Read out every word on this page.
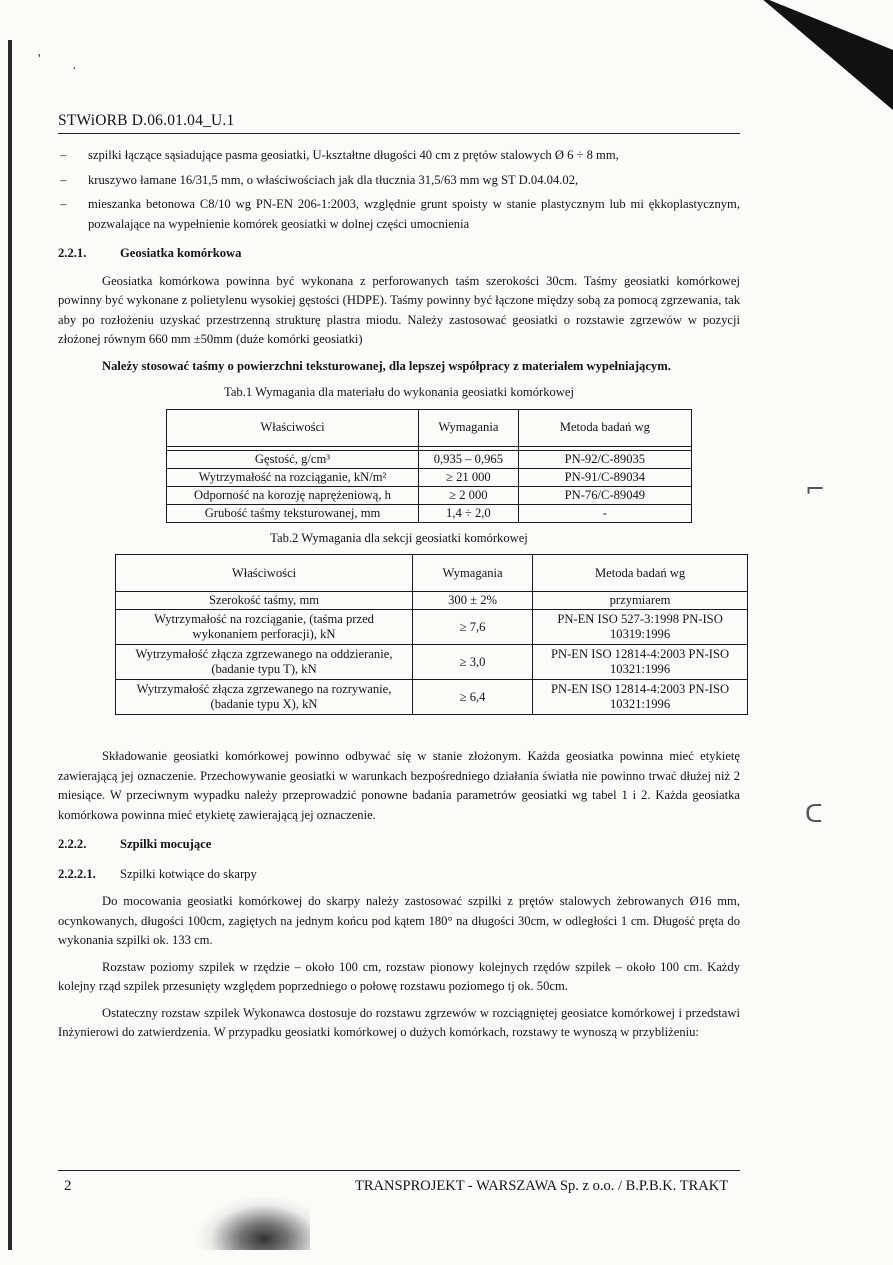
'
·
⌐
ᑕ
STWiORB D.06.01.04_U.1
– szpilki łączące sąsiadujące pasma geosiatki, U-kształtne długości 40 cm z prętów stalowych Ø 6 ÷ 8 mm,
– kruszywo łamane 16/31,5 mm, o właściwościach jak dla tłucznia 31,5/63 mm wg ST D.04.04.02,
– mieszanka betonowa C8/10 wg PN-EN 206-1:2003, względnie grunt spoisty w stanie plastycznym lub mi ękkoplastycznym, pozwalające na wypełnienie komórek geosiatki w dolnej części umocnienia
2.2.1.	Geosiatka komórkowa

Geosiatka komórkowa powinna być wykonana z perforowanych taśm szerokości 30cm. Taśmy geosiatki komórkowej powinny być wykonane z polietylenu wysokiej gęstości (HDPE). Taśmy powinny być łączone między sobą za pomocą zgrzewania, tak aby po rozłożeniu uzyskać przestrzenną strukturę plastra miodu. Należy zastosować geosiatki o rozstawie zgrzewów w pozycji złożonej równym 660 mm ±50mm (duże komórki geosiatki)

Należy stosować taśmy o powierzchni teksturowanej, dla lepszej współpracy z materiałem wypełniającym.

Tab.1 Wymagania dla materiału do wykonania geosiatki komórkowej
Właściwości	Wymagania	Metoda badań wg

Gęstość, g/cm³	0,935 – 0,965	PN-92/C-89035
Wytrzymałość na rozciąganie, kN/m²	≥ 21 000	PN-91/C-89034
Odporność na korozję naprężeniową, h	≥ 2 000	PN-76/C-89049
Grubość taśmy teksturowanej, mm	1,4 ÷ 2,0	-
Tab.2 Wymagania dla sekcji geosiatki komórkowej
Właściwości	Wymagania	Metoda badań wg
Szerokość taśmy, mm	300 ± 2%	przymiarem
Wytrzymałość na rozciąganie, (taśma przed wykonaniem perforacji), kN	≥ 7,6	PN-EN ISO 527-3:1998 PN-ISO 10319:1996
Wytrzymałość złącza zgrzewanego na oddzieranie, (badanie typu T), kN	≥ 3,0	PN-EN ISO 12814-4:2003 PN-ISO 10321:1996
Wytrzymałość złącza zgrzewanego na rozrywanie, (badanie typu X), kN	≥ 6,4	PN-EN ISO 12814-4:2003 PN-ISO 10321:1996

Składowanie geosiatki komórkowej powinno odbywać się w stanie złożonym. Każda geosiatka powinna mieć etykietę zawierającą jej oznaczenie. Przechowywanie geosiatki w warunkach bezpośredniego działania światła nie powinno trwać dłużej niż 2 miesiące. W przeciwnym wypadku należy przeprowadzić ponowne badania parametrów geosiatki wg tabel 1 i 2. Każda geosiatka komórkowa powinna mieć etykietę zawierającą jej oznaczenie.

2.2.2.	Szpilki mocujące
2.2.2.1. Szpilki kotwiące do skarpy

Do mocowania geosiatki komórkowej do skarpy należy zastosować szpilki z prętów stalowych żebrowanych Ø16 mm, ocynkowanych, długości 100cm, zagiętych na jednym końcu pod kątem 180° na długości 30cm, w odległości 1 cm. Długość pręta do wykonania szpilki ok. 133 cm.

Rozstaw poziomy szpilek w rzędzie – około 100 cm, rozstaw pionowy kolejnych rzędów szpilek – około 100 cm. Każdy kolejny rząd szpilek przesunięty względem poprzedniego o połowę rozstawu poziomego tj ok. 50cm.

Ostateczny rozstaw szpilek Wykonawca dostosuje do rozstawu zgrzewów w rozciągniętej geosiatce komórkowej i przedstawi Inżynierowi do zatwierdzenia. W przypadku geosiatki komórkowej o dużych komórkach, rozstawy te wynoszą w przybliżeniu:

2	TRANSPROJEKT - WARSZAWA Sp. z o.o. / B.P.B.K. TRAKT
